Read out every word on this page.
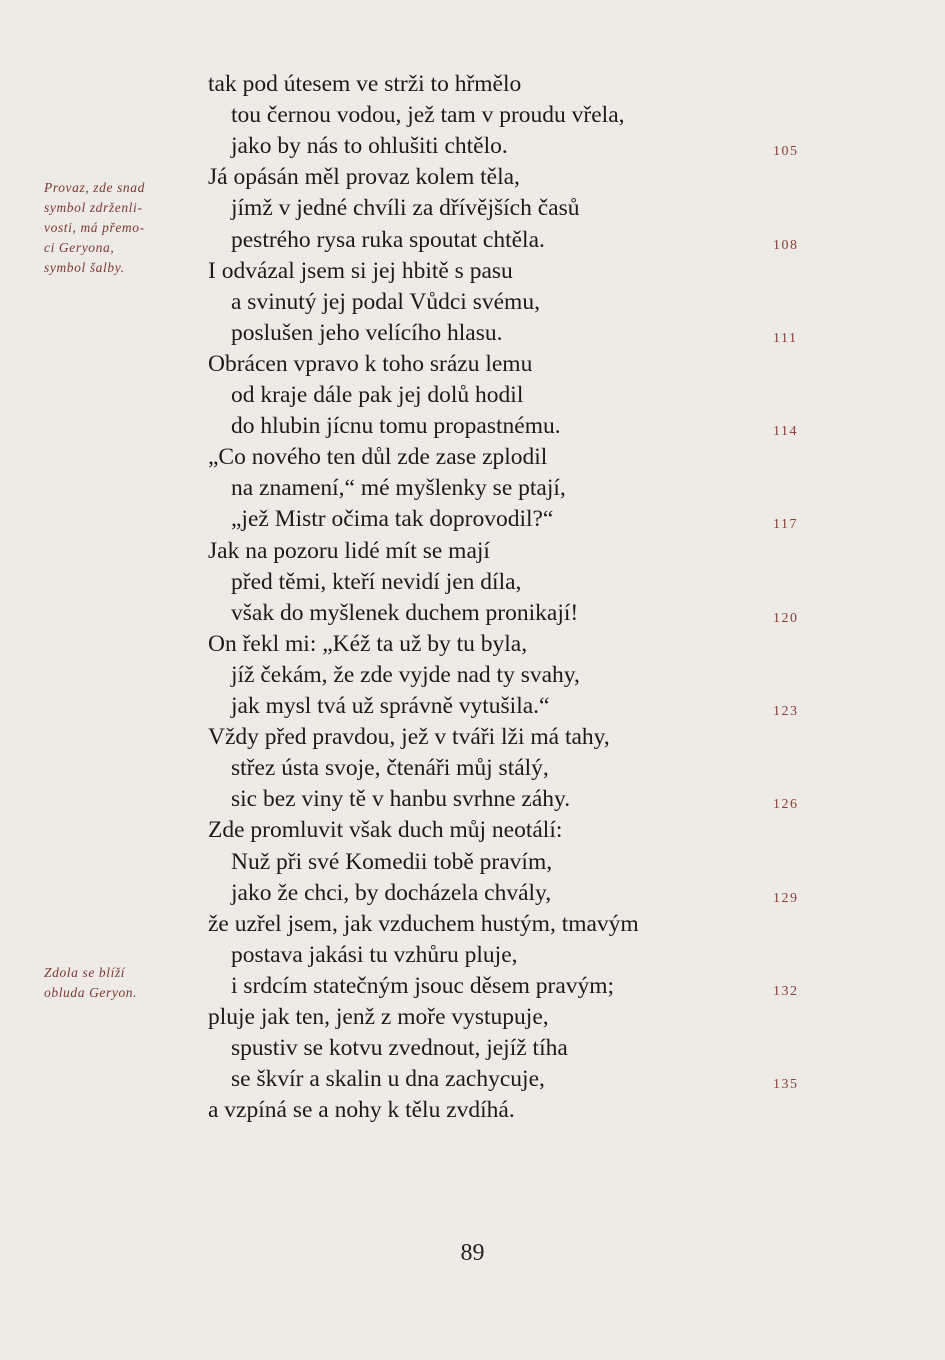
Provaz, zde snad
symbol zdrženli-
vosti, má přemo-
ci Geryona,
symbol šalby.
Zdola se blíží
obluda Geryon.
tak pod útesem ve strži to hřmělo
tou černou vodou, jež tam v proudu vřela,
jako by nás to ohlušiti chtělo.
Já opásán měl provaz kolem těla,
jímž v jedné chvíli za dřívějších časů
pestrého rysa ruka spoutat chtěla.
I odvázal jsem si jej hbitě s pasu
a svinutý jej podal Vůdci svému,
poslušen jeho velícího hlasu.
Obrácen vpravo k toho srázu lemu
od kraje dále pak jej dolů hodil
do hlubin jícnu tomu propastnému.
„Co nového ten důl zde zase zplodil
na znamení,“ mé myšlenky se ptají,
„jež Mistr očima tak doprovodil?“
Jak na pozoru lidé mít se mají
před těmi, kteří nevidí jen díla,
však do myšlenek duchem pronikají!
On řekl mi: „Kéž ta už by tu byla,
jíž čekám, že zde vyjde nad ty svahy,
jak mysl tvá už správně vytušila.“
Vždy před pravdou, jež v tváři lži má tahy,
střez ústa svoje, čtenáři můj stálý,
sic bez viny tě v hanbu svrhne záhy.
Zde promluvit však duch můj neotálí:
Nuž při své Komedii tobě pravím,
jako že chci, by docházela chvály,
že uzřel jsem, jak vzduchem hustým, tmavým
postava jakási tu vzhůru pluje,
i srdcím statečným jsouc děsem pravým;
pluje jak ten, jenž z moře vystupuje,
spustiv se kotvu zvednout, jejíž tíha
se škvír a skalin u dna zachycuje,
a vzpíná se a nohy k tělu zvdíhá.
105
108
111
114
117
120
123
126
129
132
135
89
